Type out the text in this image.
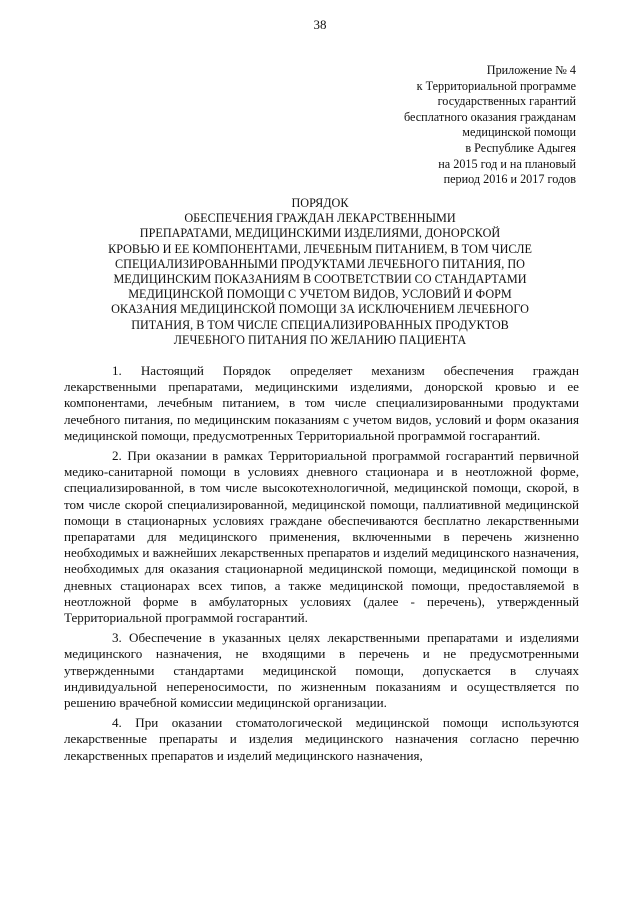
38
Приложение № 4
к Территориальной программе
государственных гарантий
бесплатного оказания гражданам
медицинской помощи
в Республике Адыгея
на 2015 год и на плановый
период 2016 и 2017 годов
ПОРЯДОК
ОБЕСПЕЧЕНИЯ ГРАЖДАН ЛЕКАРСТВЕННЫМИ
ПРЕПАРАТАМИ, МЕДИЦИНСКИМИ ИЗДЕЛИЯМИ, ДОНОРСКОЙ
КРОВЬЮ И ЕЕ КОМПОНЕНТАМИ, ЛЕЧЕБНЫМ ПИТАНИЕМ, В ТОМ ЧИСЛЕ
СПЕЦИАЛИЗИРОВАННЫМИ ПРОДУКТАМИ ЛЕЧЕБНОГО ПИТАНИЯ, ПО
МЕДИЦИНСКИМ ПОКАЗАНИЯМ В СООТВЕТСТВИИ СО СТАНДАРТАМИ
МЕДИЦИНСКОЙ ПОМОЩИ С УЧЕТОМ ВИДОВ, УСЛОВИЙ И ФОРМ
ОКАЗАНИЯ МЕДИЦИНСКОЙ ПОМОЩИ ЗА ИСКЛЮЧЕНИЕМ ЛЕЧЕБНОГО
ПИТАНИЯ, В ТОМ ЧИСЛЕ СПЕЦИАЛИЗИРОВАННЫХ ПРОДУКТОВ
ЛЕЧЕБНОГО ПИТАНИЯ ПО ЖЕЛАНИЮ ПАЦИЕНТА

1. Настоящий Порядок определяет механизм обеспечения граждан лекарственными препаратами, медицинскими изделиями, донорской кровью и ее компонентами, лечебным питанием, в том числе специализированными продуктами лечебного питания, по медицинским показаниям с учетом видов, условий и форм оказания медицинской помощи, предусмотренных Территориальной программой госгарантий.

2. При оказании в рамках Территориальной программой госгарантий первичной медико-санитарной помощи в условиях дневного стационара и в неотложной форме, специализированной, в том числе высокотехнологичной, медицинской помощи, скорой, в том числе скорой специализированной, медицинской помощи, паллиативной медицинской помощи в стационарных условиях граждане обеспечиваются бесплатно лекарственными препаратами для медицинского применения, включенными в перечень жизненно необходимых и важнейших лекарственных препаратов и изделий медицинского назначения, необходимых для оказания стационарной медицинской помощи, медицинской помощи в дневных стационарах всех типов, а также медицинской помощи, предоставляемой в неотложной форме в амбулаторных условиях (далее - перечень), утвержденный Территориальной программой госгарантий.

3. Обеспечение в указанных целях лекарственными препаратами и изделиями медицинского назначения, не входящими в перечень и не предусмотренными утвержденными стандартами медицинской помощи, допускается в случаях индивидуальной непереносимости, по жизненным показаниям и осуществляется по решению врачебной комиссии медицинской организации.

4. При оказании стоматологической медицинской помощи используются лекарственные препараты и изделия медицинского назначения согласно перечню лекарственных препаратов и изделий медицинского назначения,
